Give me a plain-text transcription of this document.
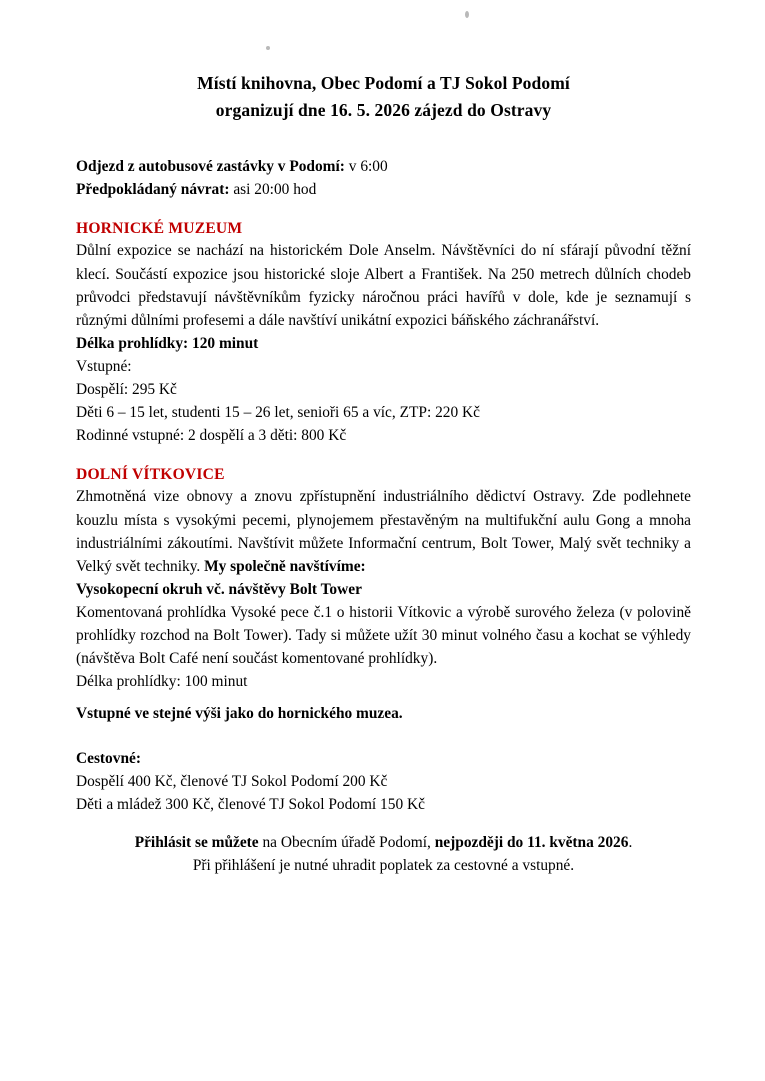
Místí knihovna, Obec Podomí a TJ Sokol Podomí
organizují dne 16. 5. 2026 zájezd do Ostravy
Odjezd z autobusové zastávky v Podomí: v 6:00
Předpokládaný návrat: asi 20:00 hod
HORNICKÉ MUZEUM
Důlní expozice se nachází na historickém Dole Anselm. Návštěvníci do ní sfárají původní těžní klecí. Součástí expozice jsou historické sloje Albert a František. Na 250 metrech důlních chodeb průvodci představují návštěvníkům fyzicky náročnou práci havířů v dole, kde je seznamují s různými důlními profesemi a dále navštíví unikátní expozici báňského záchranářství.
Délka prohlídky: 120 minut
Vstupné:
Dospělí: 295 Kč
Děti 6 – 15 let, studenti 15 – 26 let, senioři 65 a víc, ZTP: 220 Kč
Rodinné vstupné: 2 dospělí a 3 děti: 800 Kč
DOLNÍ VÍTKOVICE
Zhmotněná vize obnovy a znovu zpřístupnění industriálního dědictví Ostravy. Zde podlehnete kouzlu místa s vysokými pecemi, plynojemem přestavěným na multifukční aulu Gong a mnoha industriálními zákoutími. Navštívit můžete Informační centrum, Bolt Tower, Malý svět techniky a Velký svět techniky. My společně navštívíme:
Vysokopecní okruh vč. návštěvy Bolt Tower
Komentovaná prohlídka Vysoké pece č.1 o historii Vítkovic a výrobě surového železa (v polovině prohlídky rozchod na Bolt Tower). Tady si můžete užít 30 minut volného času a kochat se výhledy (návštěva Bolt Café není součást komentované prohlídky).
Délka prohlídky: 100 minut
Vstupné ve stejné výši jako do hornického muzea.
Cestovné:
Dospělí 400 Kč, členové TJ Sokol Podomí 200 Kč
Děti a mládež 300 Kč, členové TJ Sokol Podomí 150 Kč
Přihlásit se můžete na Obecním úřadě Podomí, nejpozději do 11. května 2026.
Při přihlášení je nutné uhradit poplatek za cestovné a vstupné.
